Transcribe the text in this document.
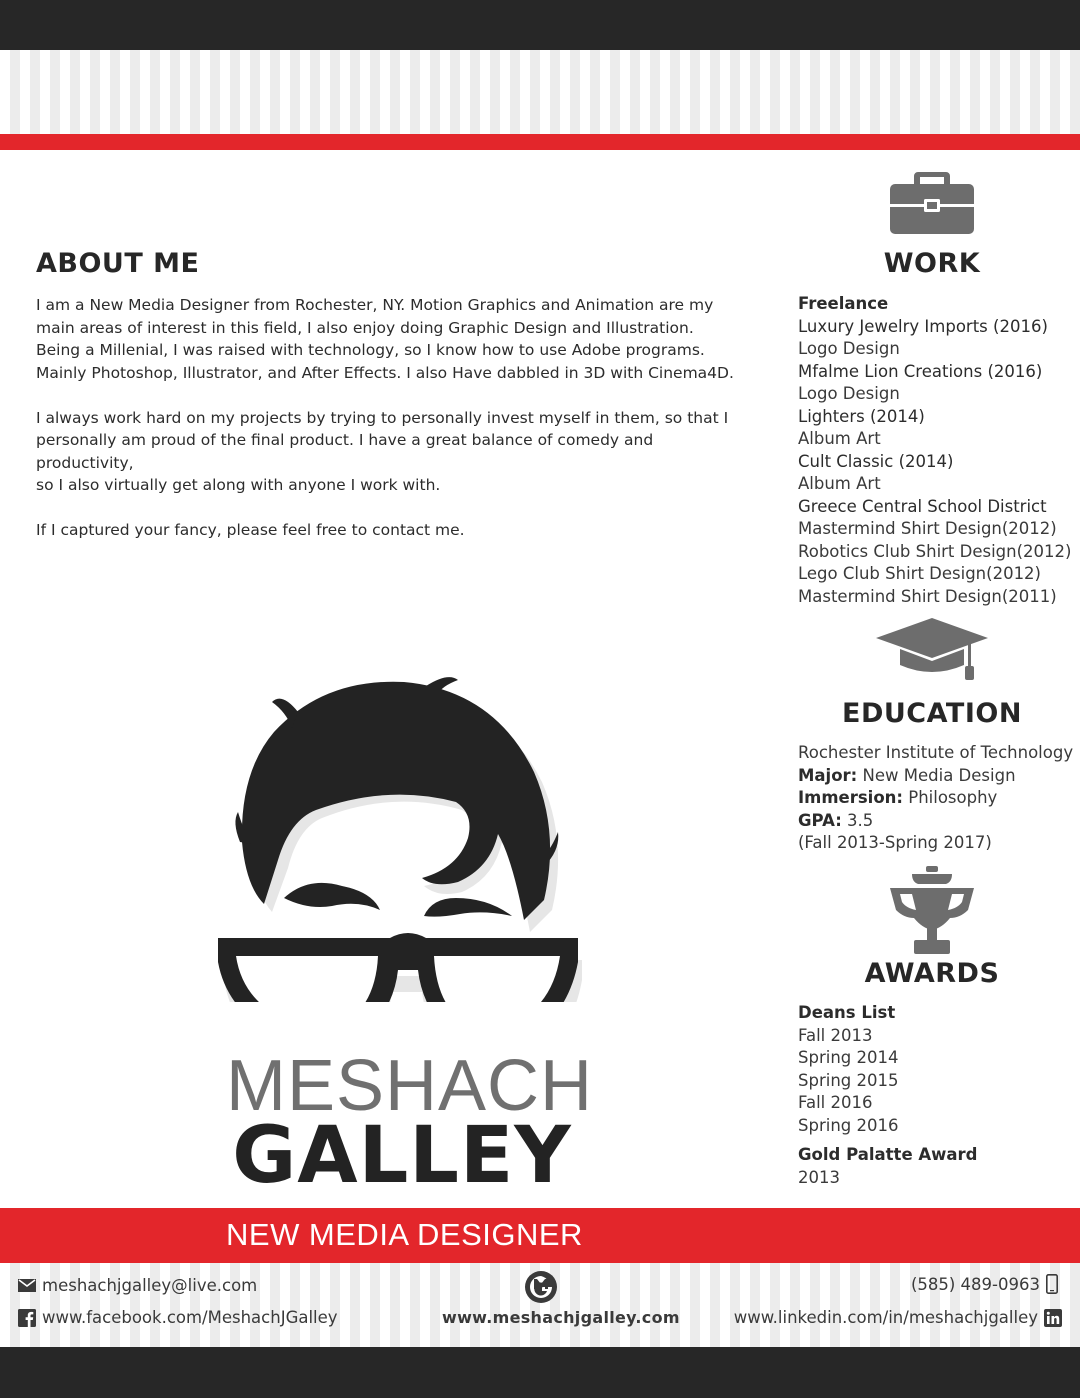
ABOUT ME

I am a New Media Designer from Rochester, NY. Motion Graphics and Animation are my

main areas of interest in this field, I also enjoy doing Graphic Design and Illustration.

Being a Millenial, I was raised with technology, so I know how to use Adobe programs.

Mainly Photoshop, Illustrator, and After Effects. I also Have dabbled in 3D with Cinema4D.

I always work hard on my projects by trying to personally invest myself in them, so that I

personally am proud of the final product. I have a great balance of comedy and productivity,

so I also virtually get along with anyone I work with.

If I captured your fancy, please feel free to contact me.

WORK
Freelance
Luxury Jewelry Imports (2016)
Logo Design
Mfalme Lion Creations (2016)
Logo Design
Lighters (2014)
Album Art
Cult Classic (2014)
Album Art
Greece Central School District
Mastermind Shirt Design(2012)
Robotics Club Shirt Design(2012)
Lego Club Shirt Design(2012)
Mastermind Shirt Design(2011)
EDUCATION
Rochester Institute of Technology
Major: New Media Design
Immersion: Philosophy
GPA: 3.5
(Fall 2013-Spring 2017)
AWARDS
Deans List
Fall 2013
Spring 2014
Spring 2015
Fall 2016
Spring 2016
Gold Palatte Award
2013
MESHACH
GALLEY
NEW MEDIA DESIGNER
meshachjgalley@live.com
www.facebook.com/MeshachJGalley	www.meshachjgalley.com
(585) 489-0963
www.linkedin.com/in/meshachjgalley
